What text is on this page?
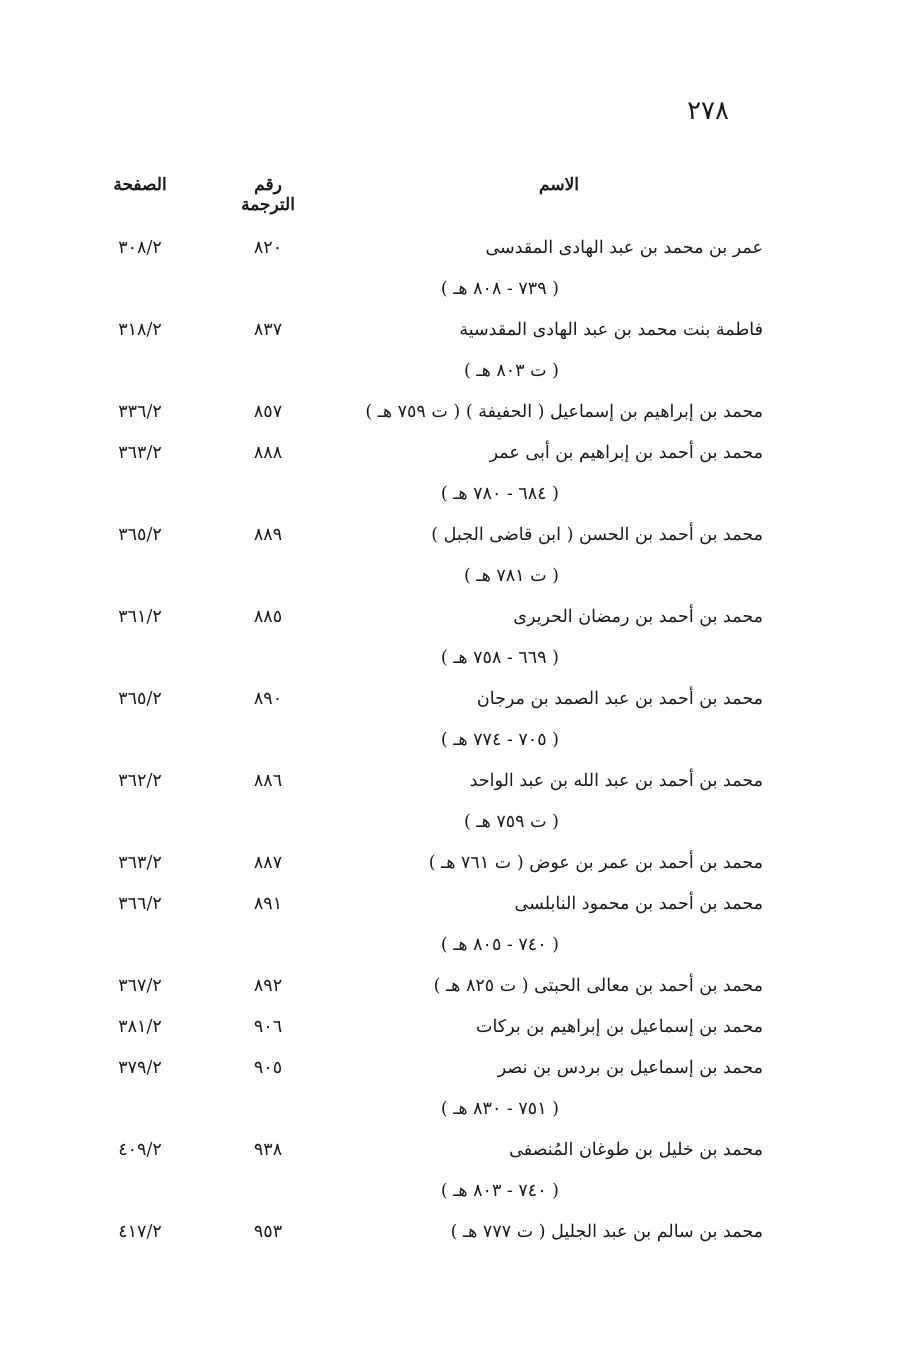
٢٧٨
الاسم
رقم الترجمة
الصفحة
عمر بن محمد بن عبد الهادى المقدسى
٨٢٠
٣٠٨/٢
( ٧٣٩ - ٨٠٨ هـ )
فاطمة بنت محمد بن عبد الهادى المقدسية
٨٣٧
٣١٨/٢
( ت ٨٠٣ هـ )
محمد بن إبراهيم بن إسماعيل ( الحفيفة ) ( ت ٧٥٩ هـ )
٨٥٧
٣٣٦/٢
محمد بن أحمد بن إبراهيم بن أبى عمر
٨٨٨
٣٦٣/٢
( ٦٨٤ - ٧٨٠ هـ )
محمد بن أحمد بن الحسن ( ابن قاضى الجبل )
٨٨٩
٣٦٥/٢
( ت ٧٨١ هـ )
محمد بن أحمد بن رمضان الحريرى
٨٨٥
٣٦١/٢
( ٦٦٩ - ٧٥٨ هـ )
محمد بن أحمد بن عبد الصمد بن مرجان
٨٩٠
٣٦٥/٢
( ٧٠٥ - ٧٧٤ هـ )
محمد بن أحمد بن عبد الله بن عبد الواحد
٨٨٦
٣٦٢/٢
( ت ٧٥٩ هـ )
محمد بن أحمد بن عمر بن عوض ( ت ٧٦١ هـ )
٨٨٧
٣٦٣/٢
محمد بن أحمد بن محمود النابلسى
٨٩١
٣٦٦/٢
( ٧٤٠ - ٨٠٥ هـ )
محمد بن أحمد بن معالى الحبتى ( ت ٨٢٥ هـ )
٨٩٢
٣٦٧/٢
محمد بن إسماعيل بن إبراهيم بن بركات
٩٠٦
٣٨١/٢
محمد بن إسماعيل بن بردس بن نصر
٩٠٥
٣٧٩/٢
( ٧٥١ - ٨٣٠ هـ )
محمد بن خليل بن طوغان المُنصفى
٩٣٨
٤٠٩/٢
( ٧٤٠ - ٨٠٣ هـ )
محمد بن سالم بن عبد الجليل ( ت ٧٧٧ هـ )
٩٥٣
٤١٧/٢
